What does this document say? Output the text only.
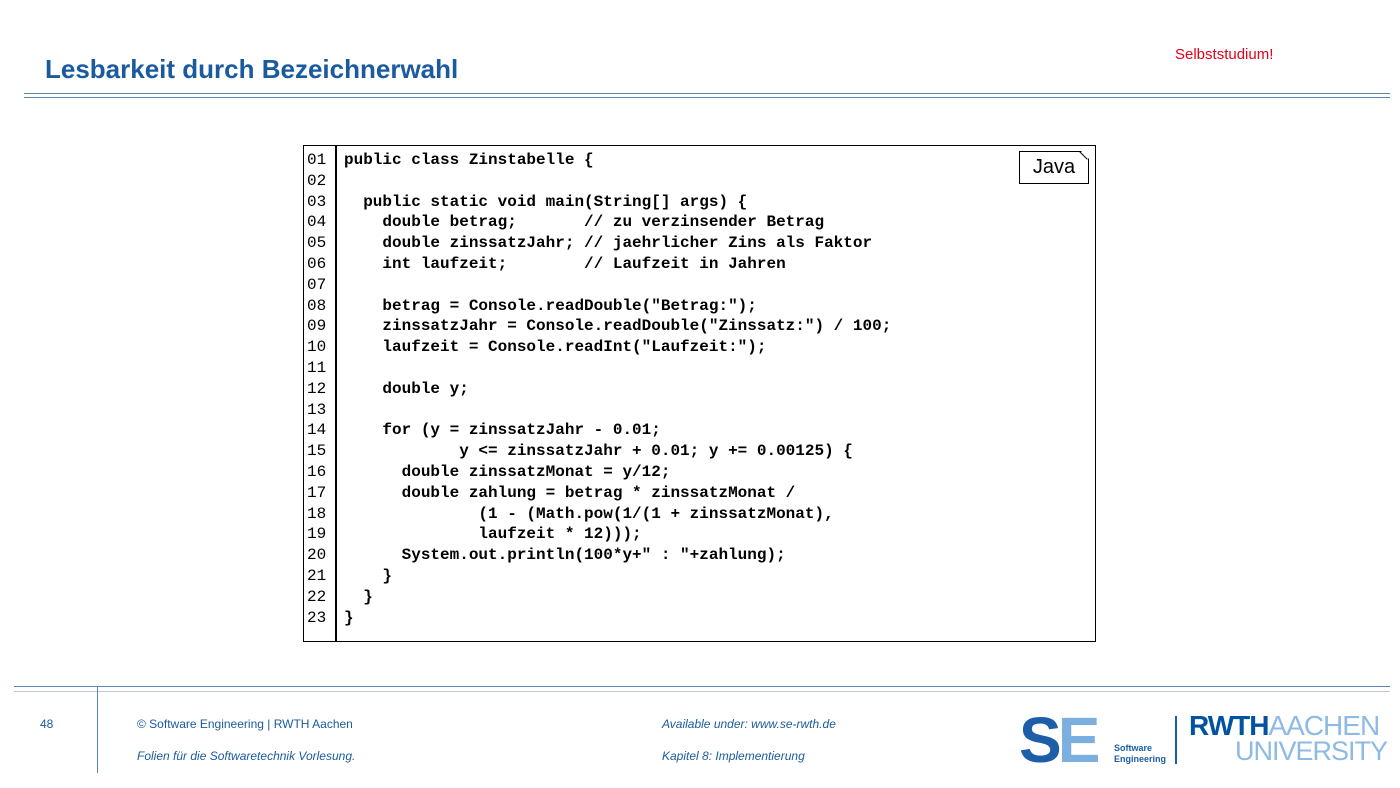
Lesbarkeit durch Bezeichnerwahl	Selbststudium!
01	public class Zinstabelle {
02
03	public static void main(String[] args) {
04	double betrag;       // zu verzinsender Betrag
05	double zinssatzJahr; // jaehrlicher Zins als Faktor
06	int laufzeit;        // Laufzeit in Jahren
07
08	betrag = Console.readDouble("Betrag:");
09	zinssatzJahr = Console.readDouble("Zinssatz:") / 100;
10	laufzeit = Console.readInt("Laufzeit:");
11
12	double y;
13
14	for (y = zinssatzJahr - 0.01;
15	y <= zinssatzJahr + 0.01; y += 0.00125) {
16	double zinssatzMonat = y/12;
17	double zahlung = betrag * zinssatzMonat /
18	(1 - (Math.pow(1/(1 + zinssatzMonat),
19	laufzeit * 12)));
20	System.out.println(100*y+" : "+zahlung);
21	}
22	}
23	}
Java
48	© Software Engineering | RWTH Aachen
Folien für die Softwaretechnik Vorlesung.
Available under: www.se-rwth.de
Kapitel 8: Implementierung	SE Software
Engineering
RWTHAACHEN
UNIVERSITY
